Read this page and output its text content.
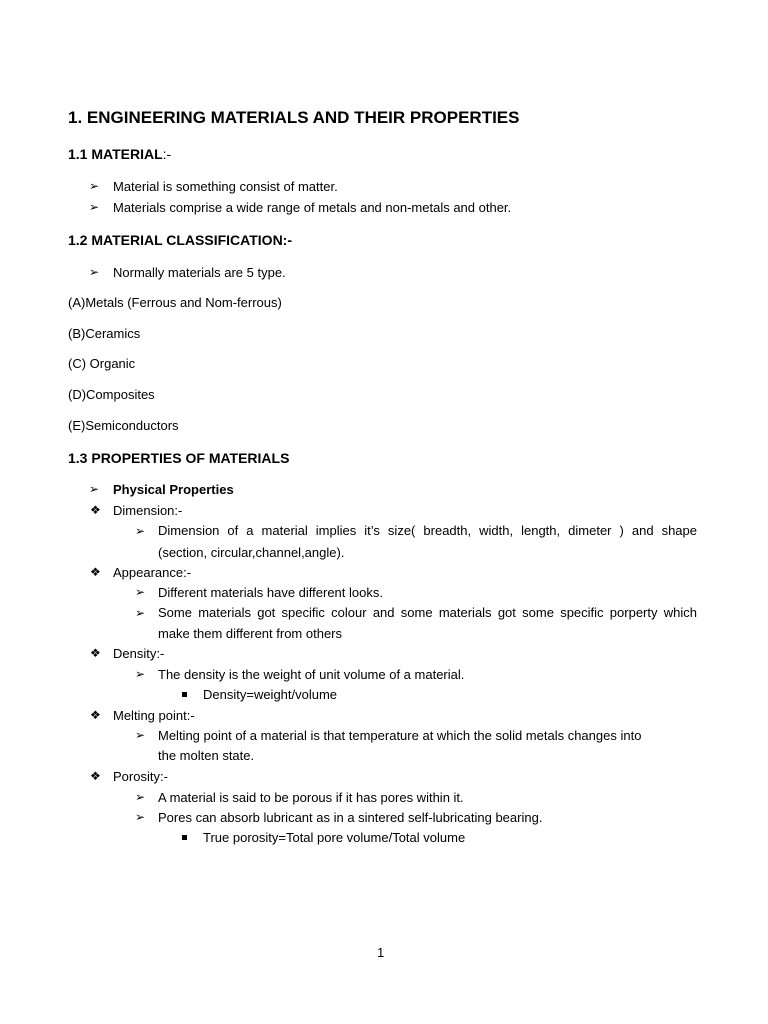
1. ENGINEERING MATERIALS AND THEIR PROPERTIES
1.1 MATERIAL:-
➢ Material is something consist of matter.
➢ Materials comprise a wide range of metals and non-metals and other.
1.2 MATERIAL CLASSIFICATION:-
➢ Normally materials are 5 type.
(A)Metals (Ferrous and Nom-ferrous)
(B)Ceramics
(C) Organic
(D)Composites
(E)Semiconductors
1.3 PROPERTIES OF MATERIALS
➢ Physical Properties
❖ Dimension:-
➢ Dimension of a material implies it’s size( breadth, width, length, dimeter ) and shape
(section, circular,channel,angle).
❖ Appearance:-
➢ Different materials have different looks.
➢ Some materials got specific colour and some materials got some specific porperty which
make them different from others
❖ Density:-
➢ The density is the weight of unit volume of a material.
Density=weight/volume
❖ Melting point:-
➢ Melting point of a material is that temperature at which the solid metals changes into
the molten state.
❖ Porosity:-
➢ A material is said to be porous if it has pores within it.
➢ Pores can absorb lubricant as in a sintered self-lubricating bearing.
True porosity=Total pore volume/Total volume
1
